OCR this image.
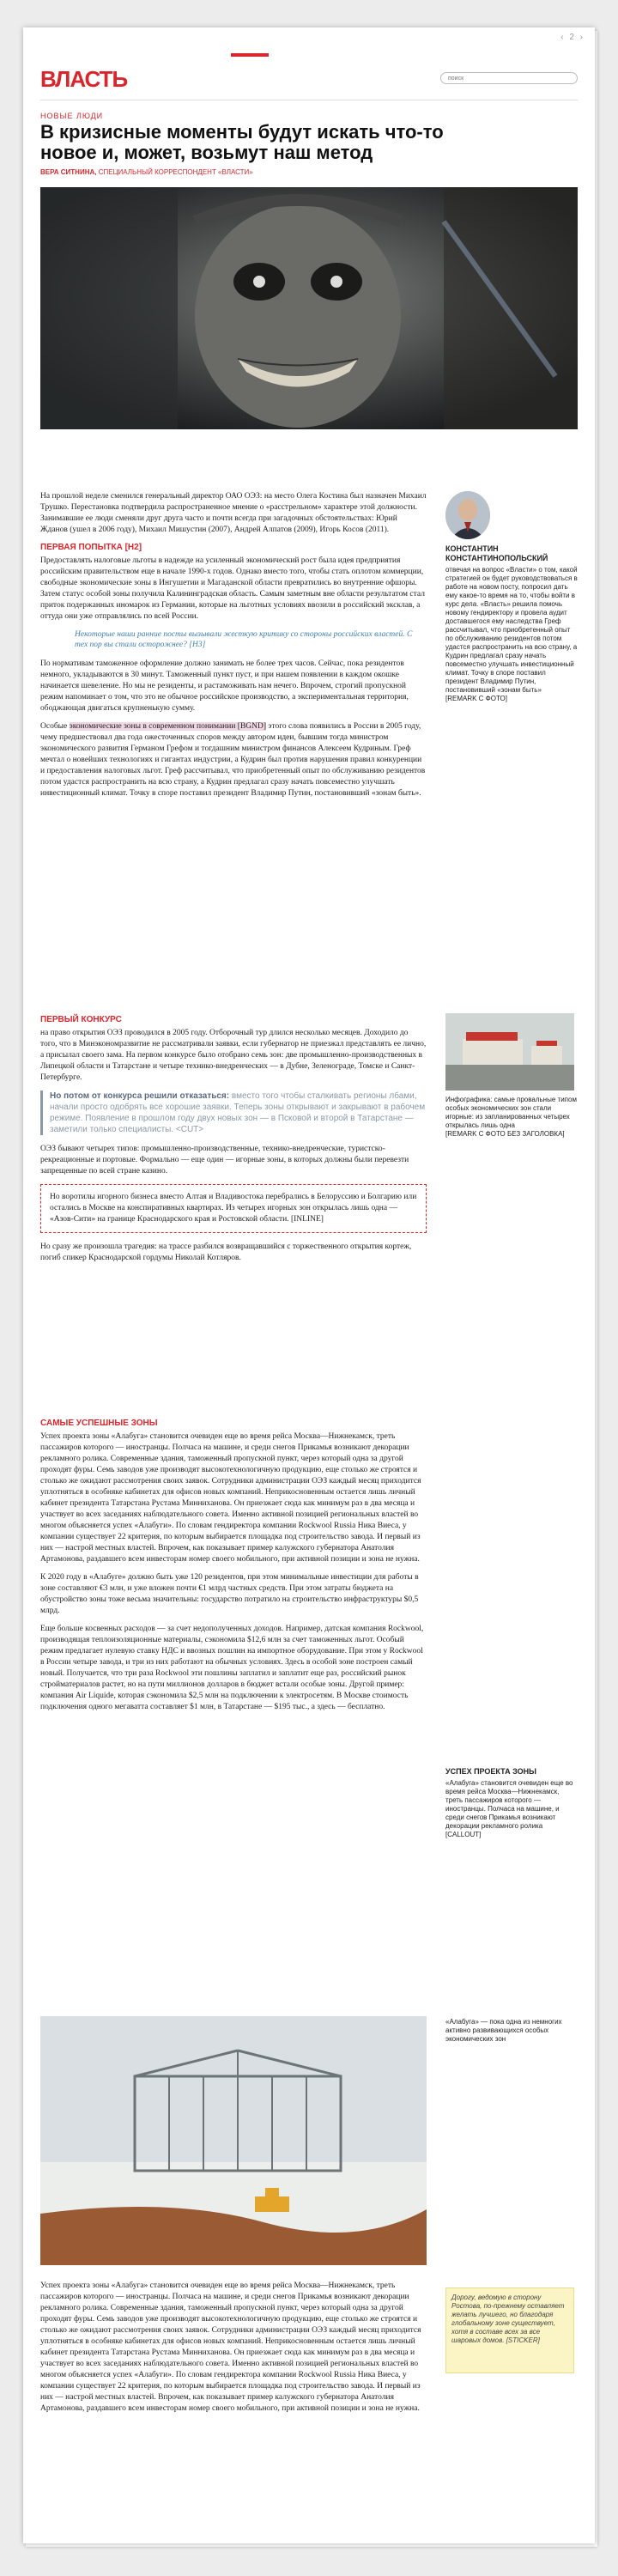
‹ 2 ›
ВЛАСТЬ
поиск
НОВЫЕ ЛЮДИ
В кризисные моменты будут искать что-то новое и, может, возьмут наш метод
ВЕРА СИТНИНА, СПЕЦИАЛЬНЫЙ КОРРЕСПОНДЕНТ «ВЛАСТИ»

На прошлой неделе сменился генеральный директор ОАО ОЭЗ: на место Олега Костина был назначен Михаил Трушко. Перестановка подтвердила распространенное мнение о «расстрельном» характере этой должности. Занимавшие ее люди сменяли друг друга часто и почти всегда при загадочных обстоятельствах: Юрий Жданов (ушел в 2006 году), Михаил Мишустин (2007), Андрей Алпатов (2009), Игорь Косов (2011).

ПЕРВАЯ ПОПЫТКА [H2]

Предоставлять налоговые льготы в надежде на усиленный экономический рост была идея предприятия российским правительством еще в начале 1990-х годов. Однако вместо того, чтобы стать оплотом коммерции, свободные экономические зоны в Ингушетии и Магаданской области превратились во внутренние офшоры. Затем статус особой зоны получила Калининградская область. Самым заметным вне области результатом стал приток подержанных иномарок из Германии, которые на льготных условиях ввозили в российский эксклав, а оттуда они уже отправлялись по всей России.

Некоторые наши ранние посты вызывали жесткую критику со стороны российских властей. С тех пор вы стали осторожнее? [H3]

По нормативам таможенное оформление должно занимать не более трех часов. Сейчас, пока резидентов немного, укладываются в 30 минут. Таможенный пункт пуст, и при нашем появлении в каждом окошке начинается шевеление. Но мы не резиденты, и растаможивать нам нечего. Впрочем, строгий пропускной режим напоминает о том, что это не обычное российское производство, а экспериментальная территория, ободжающая двигаться крупненькую сумму.

Особые экономические зоны в современном понимании [BGND] этого слова появились в России в 2005 году, чему предшествовал два года ожесточенных споров между автором идеи, бывшим тогда министром экономического развития Германом Грефом и тогдашним министром финансов Алексеем Кудриным. Греф мечтал о новейших технологиях и гигантах индустрии, а Кудрин был против нарушения правил конкуренции и предоставления налоговых льгот. Греф рассчитывал, что приобретенный опыт по обслуживанию резидентов потом удастся распространить на всю страну, а Кудрин предлагал сразу начать повсеместно улучшать инвестиционный климат. Точку в споре поставил президент Владимир Путин, постановивший «зонам быть».

КОНСТАНТИН КОНСТАНТИНОПОЛЬСКИЙ
отвечая на вопрос «Власти» о том, какой стратегией он будет руководствоваться в работе на новом посту, попросил дать ему какое-то время на то, чтобы войти в курс дела. «Власть» решила помочь новому гендиректору и провела аудит доставшегося ему наследства Греф рассчитывал, что приобретенный опыт по обслуживанию резидентов потом удастся распространить на всю страну, а Кудрин предлагал сразу начать повсеместно улучшать инвестиционный климат. Точку в споре поставил президент Владимир Путин, постановивший «зонам быть»
[REMARK С ФОТО]
ПЕРВЫЙ КОНКУРС

на право открытия ОЭЗ проводился в 2005 году. Отборочный тур длился несколько месяцев. Доходило до того, что в Минэкономразвитие не рассматривали заявки, если губернатор не приезжал представлять ее лично, а присылал своего зама. На первом конкурсе было отобрано семь зон: две промышленно-производственных в Липецкой области и Татарстане и четыре технико-внедренческих — в Дубне, Зеленограде, Томске и Санкт-Петербурге.

Но потом от конкурса решили отказаться: вместо того чтобы сталкивать регионы лбами, начали просто одобрять все хорошие заявки. Теперь зоны открывают и закрывают в рабочем режиме. Появление в прошлом году двух новых зон — в Псковой и второй в Татарстане — заметили только специалисты. <CUT>

ОЭЗ бывают четырех типов: промышленно-производственные, технико-внедренческие, туристско-рекреационные и портовые. Формально — еще один — игорные зоны, в которых должны были перевезти запрещенные по всей стране казино.

Но воротилы игорного бизнеса вместо Алтая и Владивостока перебрались в Белоруссию и Болгарию или остались в Москве на конспиративных квартирах. Из четырех игорных зон открылась лишь одна — «Азов-Сити» на границе Краснодарского края и Ростовской области. [INLINE]

Но сразу же произошла трагедия: на трассе разбился возвращавшийся с торжественного открытия кортеж, погиб спикер Краснодарской гордумы Николай Котляров.

Инфографика: самые провальные типом особых экономических зон стали игорные: из запланированных четырех открылась лишь одна
[REMARK С ФОТО БЕЗ ЗАГОЛОВКА]
САМЫЕ УСПЕШНЫЕ ЗОНЫ

Успех проекта зоны «Алабуга» становится очевиден еще во время рейса Москва—Нижнекамск, треть пассажиров которого — иностранцы. Полчаса на машине, и среди снегов Прикамья возникают декорации рекламного ролика. Современные здания, таможенный пропускной пункт, через который одна за другой проходят фуры. Семь заводов уже производят высокотехнологичную продукцию, еще столько же строятся и столько же ожидают рассмотрения своих заявок. Сотрудники администрации ОЭЗ каждый месяц приходится уплотняться в особняке кабинетах для офисов новых компаний. Неприкосновенным остается лишь личный кабинет президента Татарстана Рустама Минниханова. Он приезжает сюда как минимум раз в два месяца и участвует во всех заседаниях наблюдательного совета. Именно активной позицией региональных властей во многом объясняется успех «Алабуги». По словам гендиректора компании Rockwool Russia Ника Виеса, у компании существует 22 критерия, по которым выбирается площадка под строительство завода. И первый из них — настрой местных властей. Впрочем, как показывает пример калужского губернатора Анатолия Артамонова, раздавшего всем инвесторам номер своего мобильного, при активной позиции и зона не нужна.

К 2020 году в «Алабуге» должно быть уже 120 резидентов, при этом минимальные инвестиции для работы в зоне составляют €3 млн, и уже вложен почти €1 млрд частных средств. При этом затраты бюджета на обустройство зоны тоже весьма значительны: государство потратило на строительство инфраструктуры $0,5 млрд.

Еще больше косвенных расходов — за счет недополученных доходов. Например, датская компания Rockwool, производящая теплоизоляционные материалы, сэкономила $12,6 млн за счет таможенных льгот. Особый режим предлагает нулевую ставку НДС и ввозных пошлин на импортное оборудование. При этом у Rockwool в России четыре завода, и три из них работают на обычных условиях. Здесь в особой зоне построен самый новый. Получается, что три раза Rockwool эти пошлины заплатил и заплатит еще раз, российский рынок стройматериалов растет, но на пути миллионов долларов в бюджет встали особые зоны. Другой пример: компания Air Liquide, которая сэкономила $2,5 млн на подключении к электросетям. В Москве стоимость подключения одного мегаватта составляет $1 млн, в Татарстане — $195 тыс., а здесь — бесплатно.

УСПЕХ ПРОЕКТА ЗОНЫ
«Алабуга» становится очевиден еще во время рейса Москва—Нижнекамск, треть пассажиров которого — иностранцы. Полчаса на машине, и среди снегов Прикамья возникают декорации рекламного ролика
[CALLOUT]
«Алабуга» — пока одна из немногих активно развивающихся особых экономических зон

Успех проекта зоны «Алабуга» становится очевиден еще во время рейса Москва—Нижнекамск, треть пассажиров которого — иностранцы. Полчаса на машине, и среди снегов Прикамья возникают декорации рекламного ролика. Современные здания, таможенный пропускной пункт, через который одна за другой проходят фуры. Семь заводов уже производят высокотехнологичную продукцию, еще столько же строятся и столько же ожидают рассмотрения своих заявок. Сотрудники администрации ОЭЗ каждый месяц приходится уплотняться в особняке кабинетах для офисов новых компаний. Неприкосновенным остается лишь личный кабинет президента Татарстана Рустама Минниханова. Он приезжает сюда как минимум раз в два месяца и участвует во всех заседаниях наблюдательного совета. Именно активной позицией региональных властей во многом объясняется успех «Алабуги». По словам гендиректора компании Rockwool Russia Ника Виеса, у компании существует 22 критерия, по которым выбирается площадка под строительство завода. И первый из них — настрой местных властей. Впрочем, как показывает пример калужского губернатора Анатолия Артамонова, раздавшего всем инвесторам номер своего мобильного, при активной позиции и зона не нужна.

Дорогу, ведомую в сторону Ростова, по-прежнему оставляет желать лучшего, но благодаря глобальному зоне существует, хотя в составе всех за все шаровых домов. [STICKER]
